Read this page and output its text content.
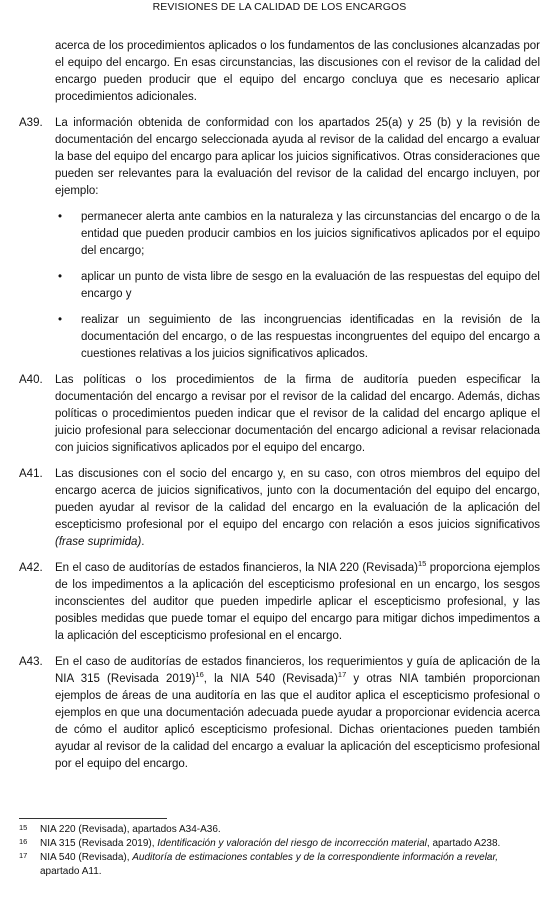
REVISIONES DE LA CALIDAD DE LOS ENCARGOS

acerca de los procedimientos aplicados o los fundamentos de las conclusiones alcanzadas por el equipo del encargo. En esas circunstancias, las discusiones con el revisor de la calidad del encargo pueden producir que el equipo del encargo concluya que es necesario aplicar procedimientos adicionales.

A39. La información obtenida de conformidad con los apartados 25(a) y 25 (b) y la revisión de documentación del encargo seleccionada ayuda al revisor de la calidad del encargo a evaluar la base del equipo del encargo para aplicar los juicios significativos. Otras consideraciones que pueden ser relevantes para la evaluación del revisor de la calidad del encargo incluyen, por ejemplo:

• permanecer alerta ante cambios en la naturaleza y las circunstancias del encargo o de la entidad que pueden producir cambios en los juicios significativos aplicados por el equipo del encargo;
• aplicar un punto de vista libre de sesgo en la evaluación de las respuestas del equipo del encargo y
• realizar un seguimiento de las incongruencias identificadas en la revisión de la documentación del encargo, o de las respuestas incongruentes del equipo del encargo a cuestiones relativas a los juicios significativos aplicados.
A40. Las políticas o los procedimientos de la firma de auditoría pueden especificar la documentación del encargo a revisar por el revisor de la calidad del encargo. Además, dichas políticas o procedimientos pueden indicar que el revisor de la calidad del encargo aplique el juicio profesional para seleccionar documentación del encargo adicional a revisar relacionada con juicios significativos aplicados por el equipo del encargo.

A41. Las discusiones con el socio del encargo y, en su caso, con otros miembros del equipo del encargo acerca de juicios significativos, junto con la documentación del equipo del encargo, pueden ayudar al revisor de la calidad del encargo en la evaluación de la aplicación del escepticismo profesional por el equipo del encargo con relación a esos juicios significativos (frase suprimida).

A42. En el caso de auditorías de estados financieros, la NIA 220 (Revisada)$^{15}$ proporciona ejemplos de los impedimentos a la aplicación del escepticismo profesional en un encargo, los sesgos inconscientes del auditor que pueden impedirle aplicar el escepticismo profesional, y las posibles medidas que puede tomar el equipo del encargo para mitigar dichos impedimentos a la aplicación del escepticismo profesional en el encargo.

A43. En el caso de auditorías de estados financieros, los requerimientos y guía de aplicación de la NIA 315 (Revisada 2019)$^{16}$, la NIA 540 (Revisada)$^{17}$ y otras NIA también proporcionan ejemplos de áreas de una auditoría en las que el auditor aplica el escepticismo profesional o ejemplos en que una documentación adecuada puede ayudar a proporcionar evidencia acerca de cómo el auditor aplicó escepticismo profesional. Dichas orientaciones pueden también ayudar al revisor de la calidad del encargo a evaluar la aplicación del escepticismo profesional por el equipo del encargo.

15 NIA 220 (Revisada), apartados A34-A36.

16 NIA 315 (Revisada 2019), Identificación y valoración del riesgo de incorrección material, apartado A238.

17 NIA 540 (Revisada), Auditoría de estimaciones contables y de la correspondiente información a revelar, apartado A11.
